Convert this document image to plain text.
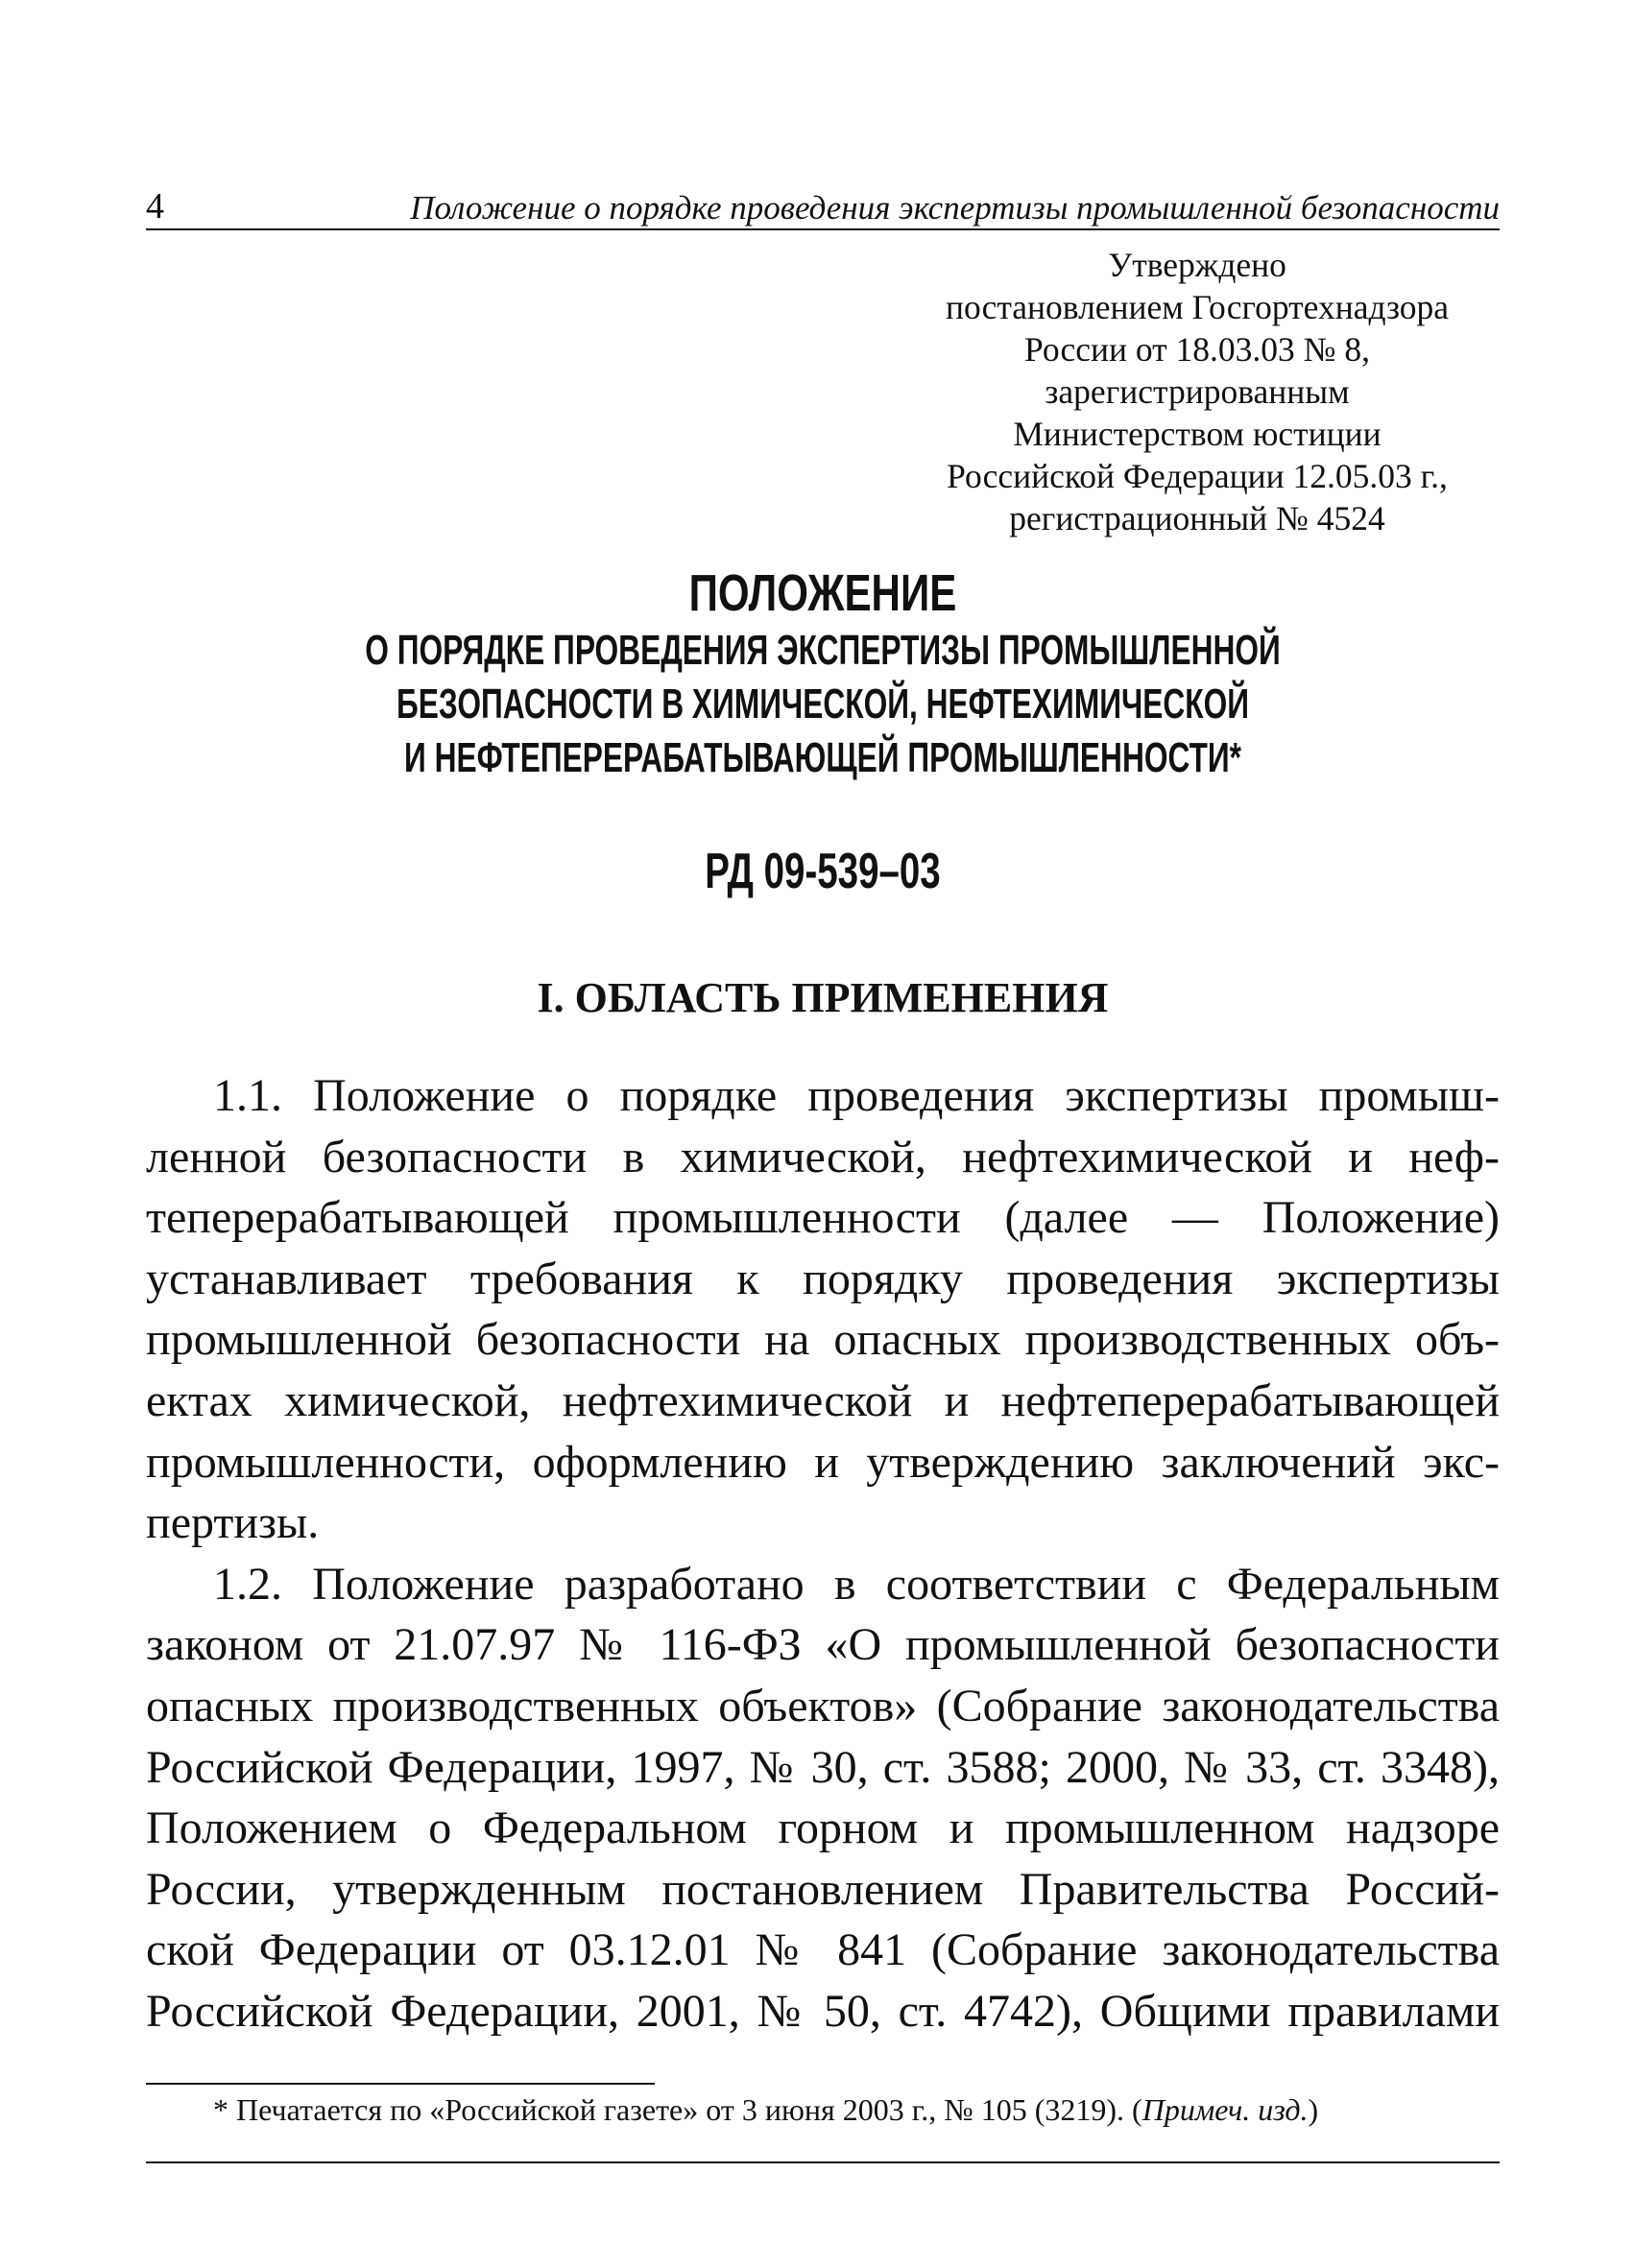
4	Положение о порядке проведения экспертизы промышленной безопасности
Утверждено
постановлением Госгортехнадзора
России от 18.03.03 № 8,
зарегистрированным
Министерством юстиции
Российской Федерации 12.05.03 г.,
регистрационный № 4524
ПОЛОЖЕНИЕ
О ПОРЯДКЕ ПРОВЕДЕНИЯ ЭКСПЕРТИЗЫ ПРОМЫШЛЕННОЙ
БЕЗОПАСНОСТИ В ХИМИЧЕСКОЙ, НЕФТЕХИМИЧЕСКОЙ
И НЕФТЕПЕРЕРАБАТЫВАЮЩЕЙ ПРОМЫШЛЕННОСТИ*
РД 09-539–03
I. ОБЛАСТЬ ПРИМЕНЕНИЯ
1.1. Положение о порядке проведения экспертизы промыш-
ленной безопасности в химической, нефтехимической и неф-
теперерабатывающей промышленности (далее — Положение)
устанавливает требования к порядку проведения экспертизы
промышленной безопасности на опасных производственных объ-
ектах химической, нефтехимической и нефтеперерабатывающей
промышленности, оформлению и утверждению заключений экс-
пертизы.
1.2. Положение разработано в соответствии с Федеральным
законом от 21.07.97 № 116-ФЗ «О промышленной безопасности
опасных производственных объектов» (Собрание законодательства
Российской Федерации, 1997, № 30, ст. 3588; 2000, № 33, ст. 3348),
Положением о Федеральном горном и промышленном надзоре
России, утвержденным постановлением Правительства Россий-
ской Федерации от 03.12.01 № 841 (Собрание законодательства
Российской Федерации, 2001, № 50, ст. 4742), Общими правилами
* Печатается по «Российской газете» от 3 июня 2003 г., № 105 (3219). (Примеч. изд.)
